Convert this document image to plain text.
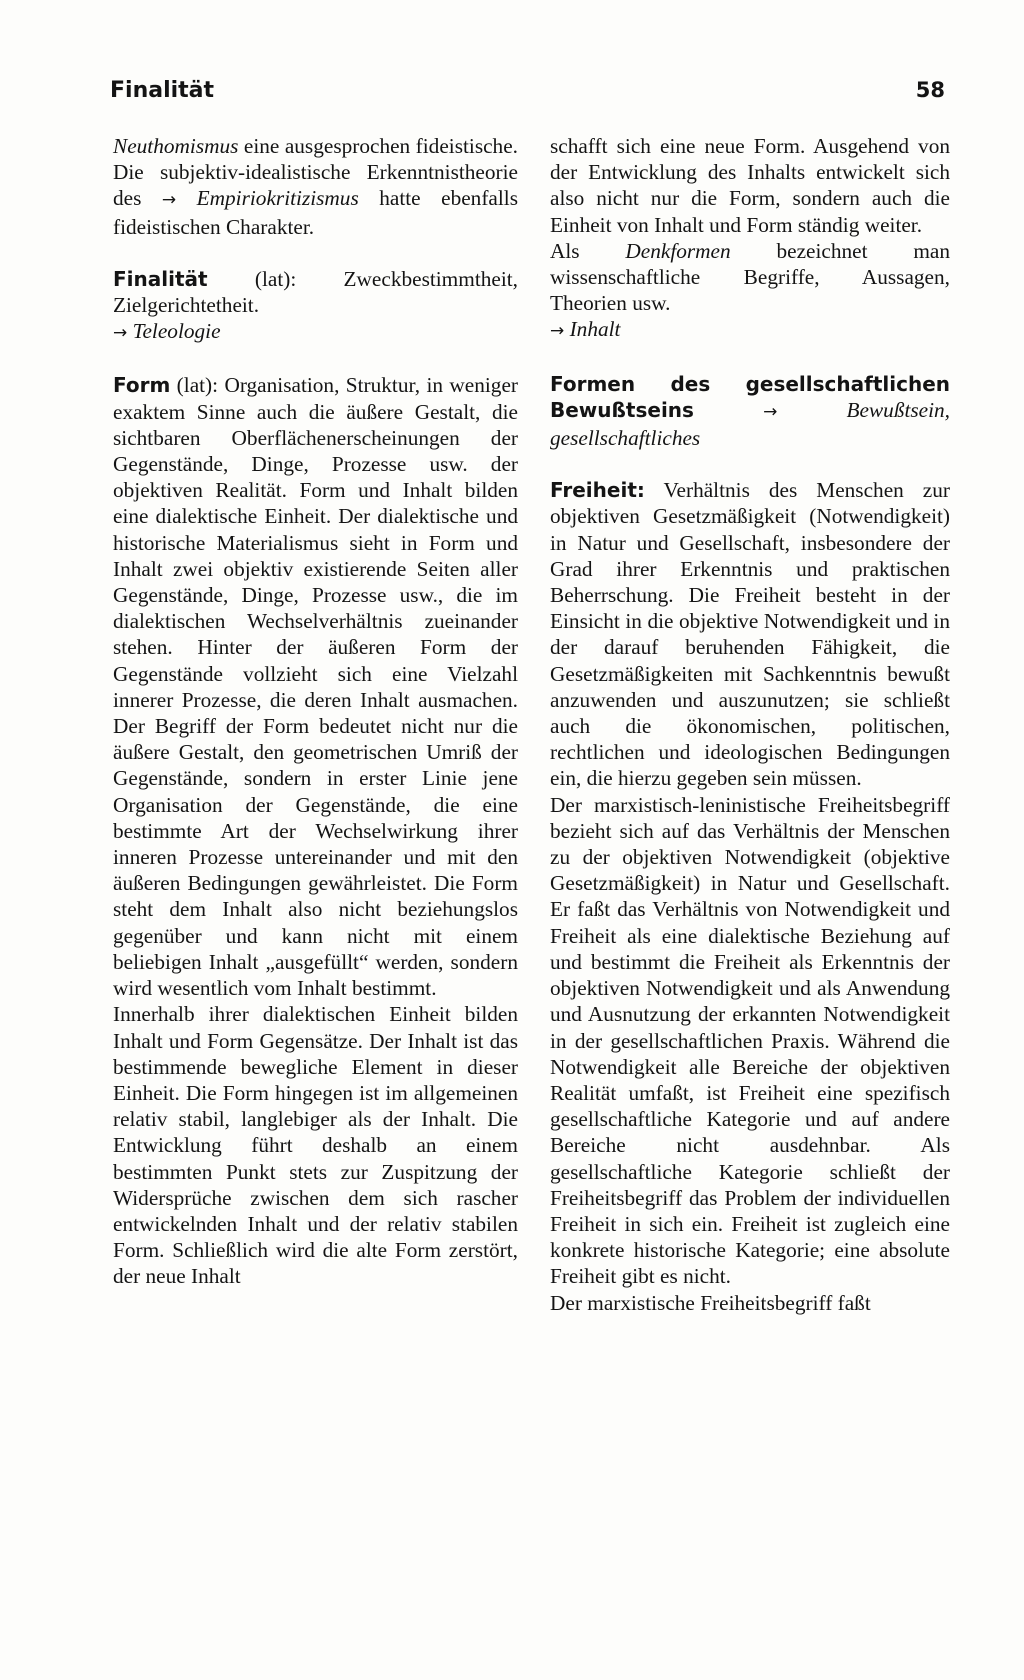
Finalität	58
Neuthomismus eine ausgesprochen fideistische. Die subjektiv-idealistische Erkenntnistheorie des → Empiriokritizismus hatte ebenfalls fideistischen Charakter.
Finalität (lat): Zweckbestimmtheit, Zielgerichtetheit.
→ Teleologie
Form (lat): Organisation, Struktur, in weniger exaktem Sinne auch die äußere Gestalt, die sichtbaren Oberflächenerscheinungen der Gegenstände, Dinge, Prozesse usw. der objektiven Realität. Form und Inhalt bilden eine dialektische Einheit. Der dialektische und historische Materialismus sieht in Form und Inhalt zwei objektiv existierende Seiten aller Gegenstände, Dinge, Prozesse usw., die im dialektischen Wechselverhältnis zueinander stehen. Hinter der äußeren Form der Gegenstände vollzieht sich eine Vielzahl innerer Prozesse, die deren Inhalt ausmachen. Der Begriff der Form bedeutet nicht nur die äußere Gestalt, den geometrischen Umriß der Gegenstände, sondern in erster Linie jene Organisation der Gegenstände, die eine bestimmte Art der Wechselwirkung ihrer inneren Prozesse untereinander und mit den äußeren Bedingungen gewährleistet. Die Form steht dem Inhalt also nicht beziehungslos gegenüber und kann nicht mit einem beliebigen Inhalt „ausgefüllt“ werden, sondern wird wesentlich vom Inhalt bestimmt.
Innerhalb ihrer dialektischen Einheit bilden Inhalt und Form Gegensätze. Der Inhalt ist das bestimmende bewegliche Element in dieser Einheit. Die Form hingegen ist im allgemeinen relativ stabil, langlebiger als der Inhalt. Die Entwicklung führt deshalb an einem bestimmten Punkt stets zur Zuspitzung der Widersprüche zwischen dem sich rascher entwickelnden Inhalt und der relativ stabilen Form. Schließlich wird die alte Form zerstört, der neue Inhalt
schafft sich eine neue Form. Ausgehend von der Entwicklung des Inhalts entwickelt sich also nicht nur die Form, sondern auch die Einheit von Inhalt und Form ständig weiter.
Als Denkformen bezeichnet man wissenschaftliche Begriffe, Aussagen, Theorien usw.
→ Inhalt
Formen des gesellschaftlichen Bewußtseins	→	Bewußtsein, gesellschaftliches
Freiheit: Verhältnis des Menschen zur objektiven Gesetzmäßigkeit (Notwendigkeit) in Natur und Gesellschaft, insbesondere der Grad ihrer Erkenntnis und praktischen Beherrschung. Die Freiheit besteht in der Einsicht in die objektive Notwendigkeit und in der darauf beruhenden Fähigkeit, die Gesetzmäßigkeiten mit Sachkenntnis bewußt anzuwenden und auszunutzen; sie schließt auch die ökonomischen, politischen, rechtlichen und ideologischen Bedingungen ein, die hierzu gegeben sein müssen.
Der marxistisch-leninistische Freiheitsbegriff bezieht sich auf das Verhältnis der Menschen zu der objektiven Notwendigkeit (objektive Gesetzmäßigkeit) in Natur und Gesellschaft. Er faßt das Verhältnis von Notwendigkeit und Freiheit als eine dialektische Beziehung auf und bestimmt die Freiheit als Erkenntnis der objektiven Notwendigkeit und als Anwendung und Ausnutzung der erkannten Notwendigkeit in der gesellschaftlichen Praxis. Während die Notwendigkeit alle Bereiche der objektiven Realität umfaßt, ist Freiheit eine spezifisch gesellschaftliche Kategorie und auf andere Bereiche nicht ausdehnbar. Als gesellschaftliche Kategorie schließt der Freiheitsbegriff das Problem der individuellen Freiheit in sich ein. Freiheit ist zugleich eine konkrete historische Kategorie; eine absolute Freiheit gibt es nicht.
Der marxistische Freiheitsbegriff faßt
